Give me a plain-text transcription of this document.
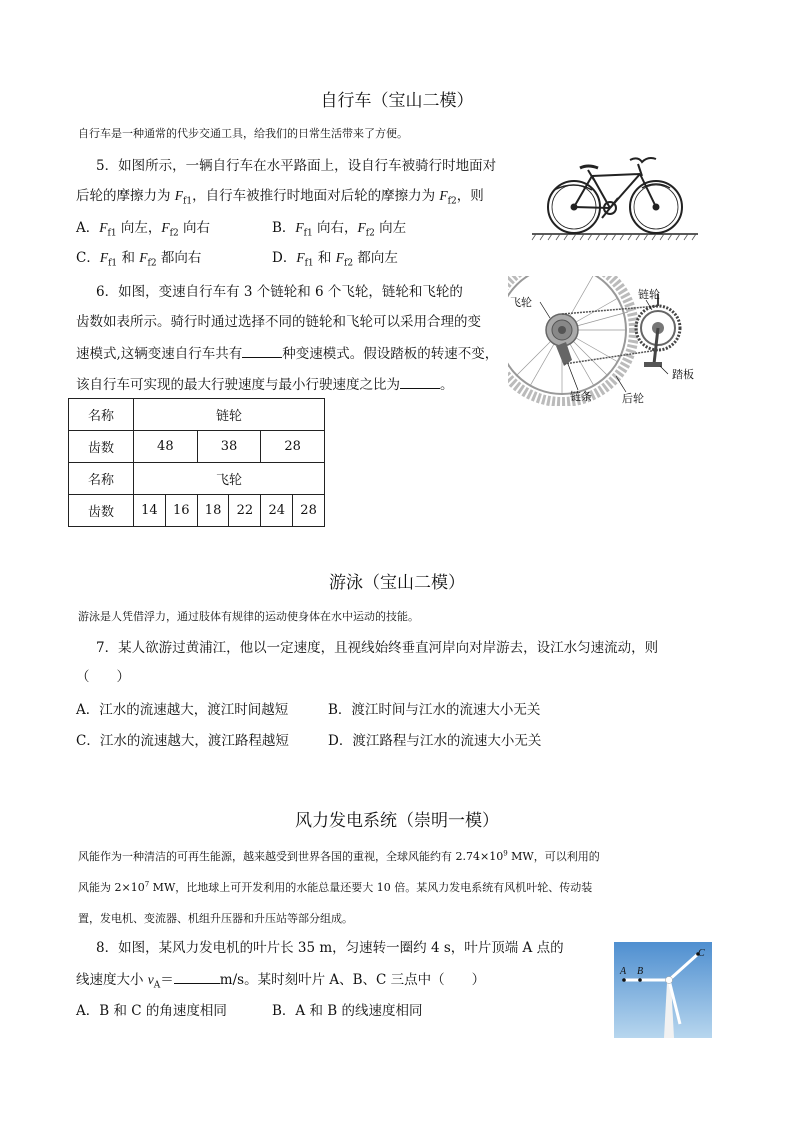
自行车（宝山二模）
自行车是一种通常的代步交通工具，给我们的日常生活带来了方便。
5．如图所示，一辆自行车在水平路面上，设自行车被骑行时地面对
后轮的摩擦力为 $F_{f1}$，自行车被推行时地面对后轮的摩擦力为 $F_{f2}$，则
A．$F_{f1}$ 向左，$F_{f2}$ 向右	B．$F_{f1}$ 向右，$F_{f2}$ 向左
C．$F_{f1}$ 和 $F_{f2}$ 都向右	D．$F_{f1}$ 和 $F_{f2}$ 都向左
6．如图，变速自行车有 3 个链轮和 6 个飞轮，链轮和飞轮的
齿数如表所示。骑行时通过选择不同的链轮和飞轮可以采用合理的变
速模式,这辆变速自行车共有	种变速模式。假设踏板的转速不变，
该自行车可实现的最大行驶速度与最小行驶速度之比为	。
飞轮
链轮
踏板
链条	后轮
名称	链轮					
齿数	48		38		28	
名称	飞轮					
齿数	14	16	18	22	24	28
游泳（宝山二模）
游泳是人凭借浮力，通过肢体有规律的运动使身体在水中运动的技能。
7．某人欲游过黄浦江，他以一定速度，且视线始终垂直河岸向对岸游去，设江水匀速流动，则
（　　）
A．江水的流速越大，渡江时间越短	B．渡江时间与江水的流速大小无关
C．江水的流速越大，渡江路程越短	D．渡江路程与江水的流速大小无关
风力发电系统（崇明一模）
风能作为一种清洁的可再生能源，越来越受到世界各国的重视，全球风能约有 $2.74\times 10^9$ MW，可以利用的
风能为 $2\times 10^7$ MW，比地球上可开发利用的水能总量还要大 10 倍。某风力发电系统有风机叶轮、传动装
置，发电机、变流器、机组升压器和升压站等部分组成。
8．如图，某风力发电机的叶片长 35 m，匀速转一圈约 4 s，叶片顶端 A 点的
线速度大小 $v_A=$	m/s。某时刻叶片 A、B、C 三点中（　　）
A．B 和 C 的角速度相同	B．A 和 B 的线速度相同
A B
C
